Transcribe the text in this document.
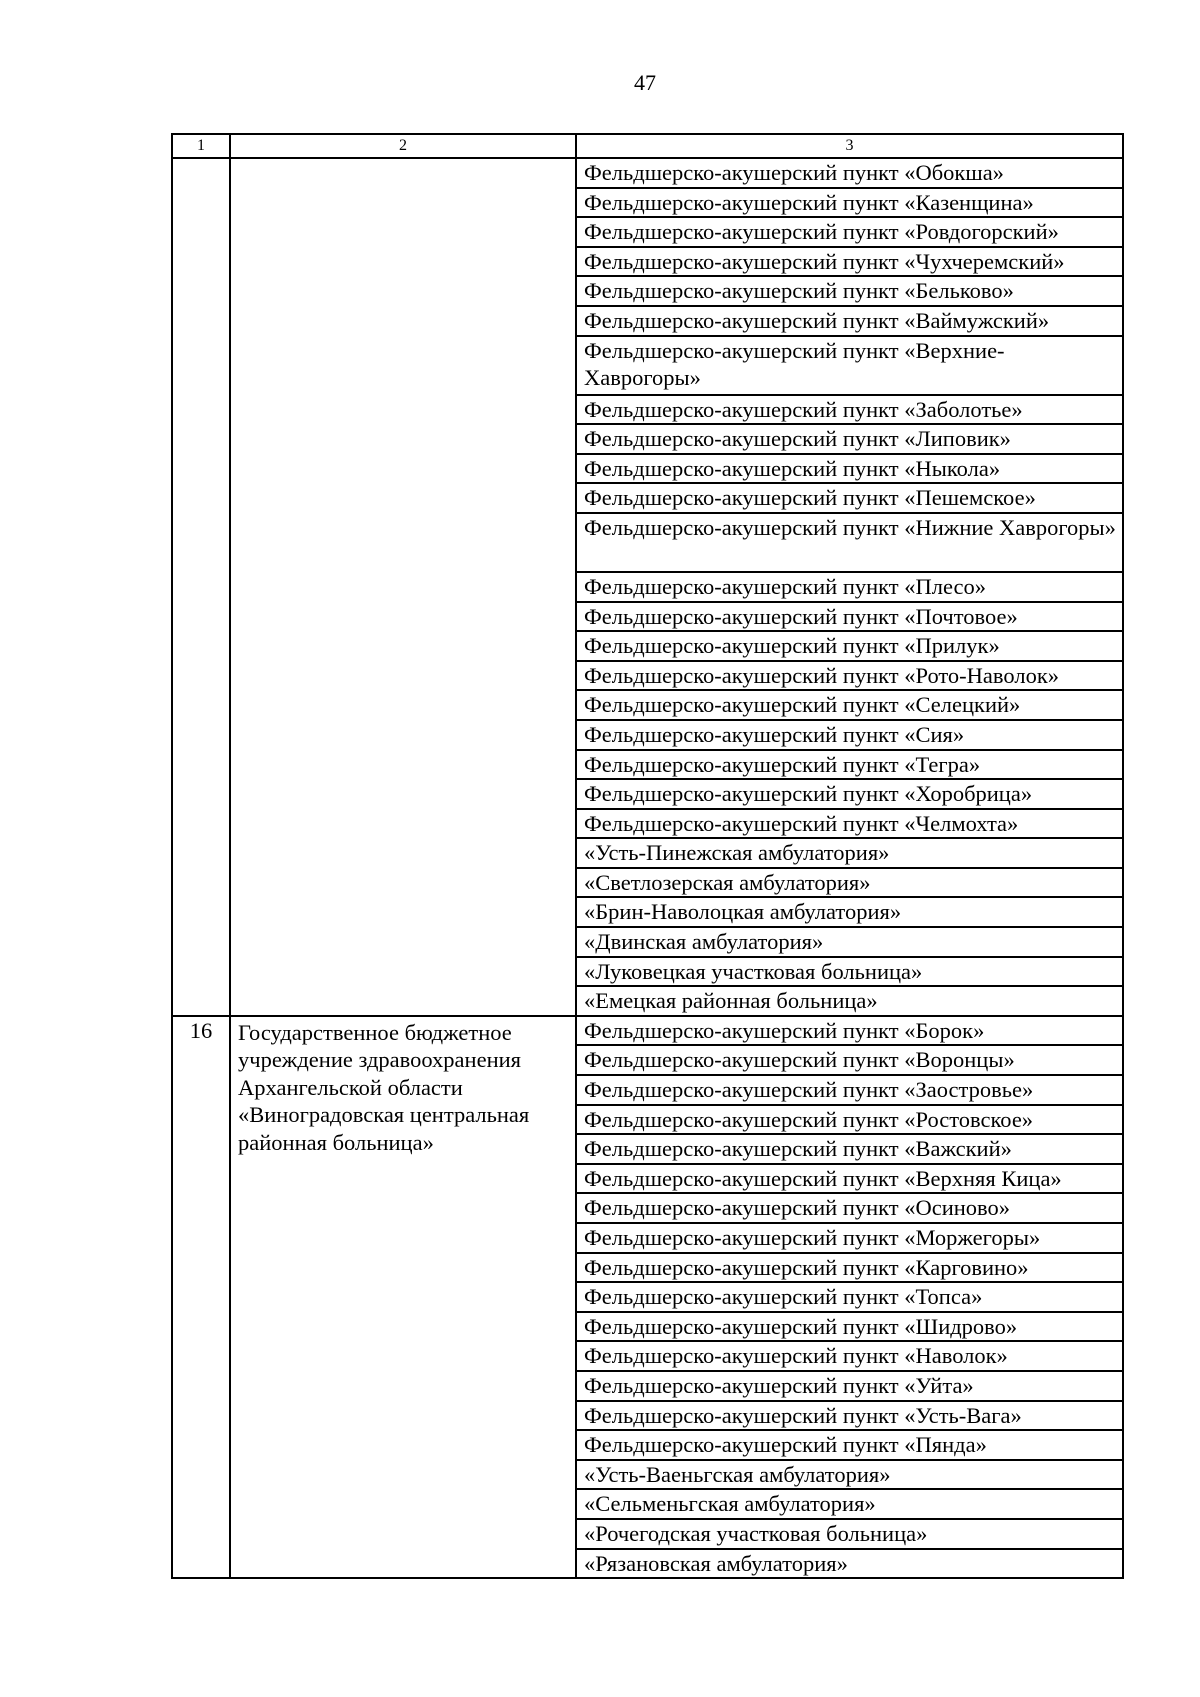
47
1	2	3
		Фельдшерско-акушерский пункт «Обокша»
		Фельдшерско-акушерский пункт «Казенщина»
		Фельдшерско-акушерский пункт «Ровдогорский»
		Фельдшерско-акушерский пункт «Чухчеремский»
		Фельдшерско-акушерский пункт «Бельково»
		Фельдшерско-акушерский пункт «Ваймужский»
		Фельдшерско-акушерский пункт «Верхние-Хаврогоры»
		Фельдшерско-акушерский пункт «Заболотье»
		Фельдшерско-акушерский пункт «Липовик»
		Фельдшерско-акушерский пункт «Ныкола»
		Фельдшерско-акушерский пункт «Пешемское»
		Фельдшерско-акушерский пункт «Нижние Хаврогоры»
		Фельдшерско-акушерский пункт «Плесо»
		Фельдшерско-акушерский пункт «Почтовое»
		Фельдшерско-акушерский пункт «Прилук»
		Фельдшерско-акушерский пункт «Рото-Наволок»
		Фельдшерско-акушерский пункт «Селецкий»
		Фельдшерско-акушерский пункт «Сия»
		Фельдшерско-акушерский пункт «Тегра»
		Фельдшерско-акушерский пункт «Хоробрица»
		Фельдшерско-акушерский пункт «Челмохта»
		«Усть-Пинежская амбулатория»
		«Светлозерская амбулатория»
		«Брин-Наволоцкая амбулатория»
		«Двинская амбулатория»
		«Луковецкая участковая больница»
		«Емецкая районная больница»
16	Государственное бюджетное учреждение здравоохранения Архангельской области «Виноградовская центральная районная больница»	Фельдшерско-акушерский пункт «Борок»
		Фельдшерско-акушерский пункт «Воронцы»
		Фельдшерско-акушерский пункт «Заостровье»
		Фельдшерско-акушерский пункт «Ростовское»
		Фельдшерско-акушерский пункт «Важский»
		Фельдшерско-акушерский пункт «Верхняя Кица»
		Фельдшерско-акушерский пункт «Осиново»
		Фельдшерско-акушерский пункт «Моржегоры»
		Фельдшерско-акушерский пункт «Карговино»
		Фельдшерско-акушерский пункт «Топса»
		Фельдшерско-акушерский пункт «Шидрово»
		Фельдшерско-акушерский пункт «Наволок»
		Фельдшерско-акушерский пункт «Уйта»
		Фельдшерско-акушерский пункт «Усть-Вага»
		Фельдшерско-акушерский пункт «Пянда»
		«Усть-Ваеньгская амбулатория»
		«Сельменьгская амбулатория»
		«Рочегодская участковая больница»
		«Рязановская амбулатория»
